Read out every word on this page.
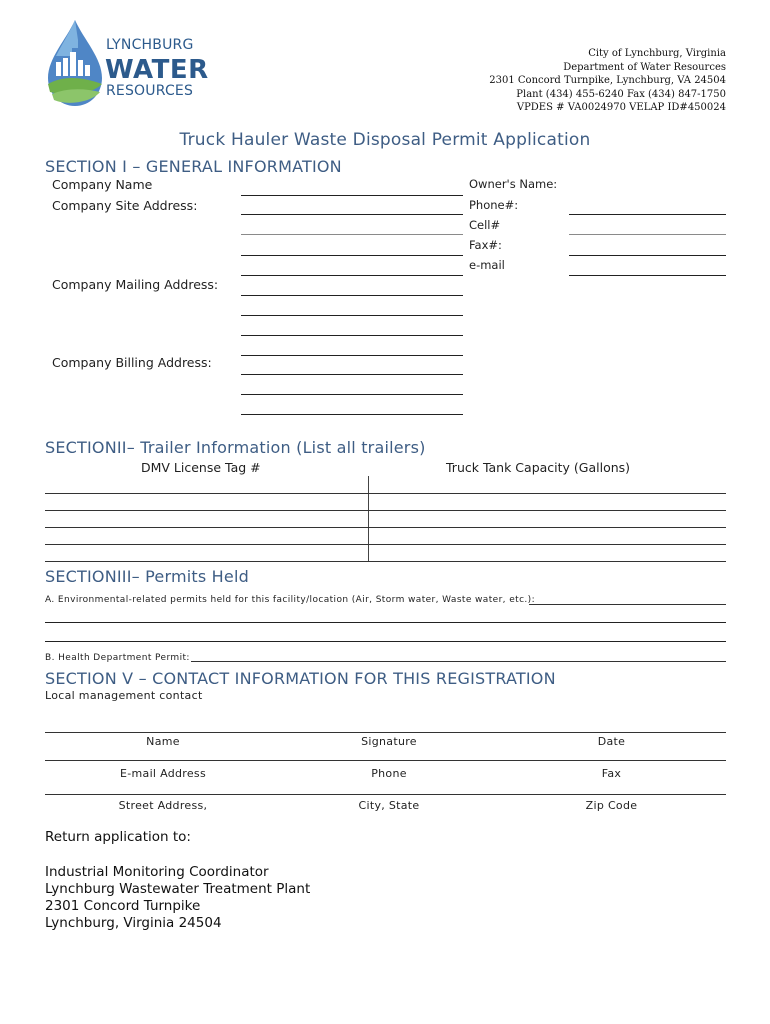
LYNCHBURG
WATER
RESOURCES
City of Lynchburg, Virginia
Department of Water Resources
2301 Concord Turnpike, Lynchburg, VA 24504
Plant (434) 455-6240 Fax (434) 847-1750
VPDES # VA0024970 VELAP ID#450024
Truck Hauler Waste Disposal Permit Application
SECTION I – GENERAL INFORMATION
Company Name
Company Site Address:
Owner's Name:
Phone#:
Cell#
Fax#:
e-mail
Company Mailing Address:
Company Billing Address:
SECTIONII– Trailer Information (List all trailers)
DMV License Tag #	Truck Tank Capacity (Gallons)
SECTIONIII– Permits Held
A. Environmental-related permits held for this facility/location (Air, Storm water, Waste water, etc.):
B. Health Department Permit:
SECTION V – CONTACT INFORMATION FOR THIS REGISTRATION
Local management contact
Name	Signature	Date
E-mail Address	Phone	Fax
Street Address,	City, State	Zip Code
Return application to:
Industrial Monitoring Coordinator
Lynchburg Wastewater Treatment Plant
2301 Concord Turnpike
Lynchburg, Virginia 24504
